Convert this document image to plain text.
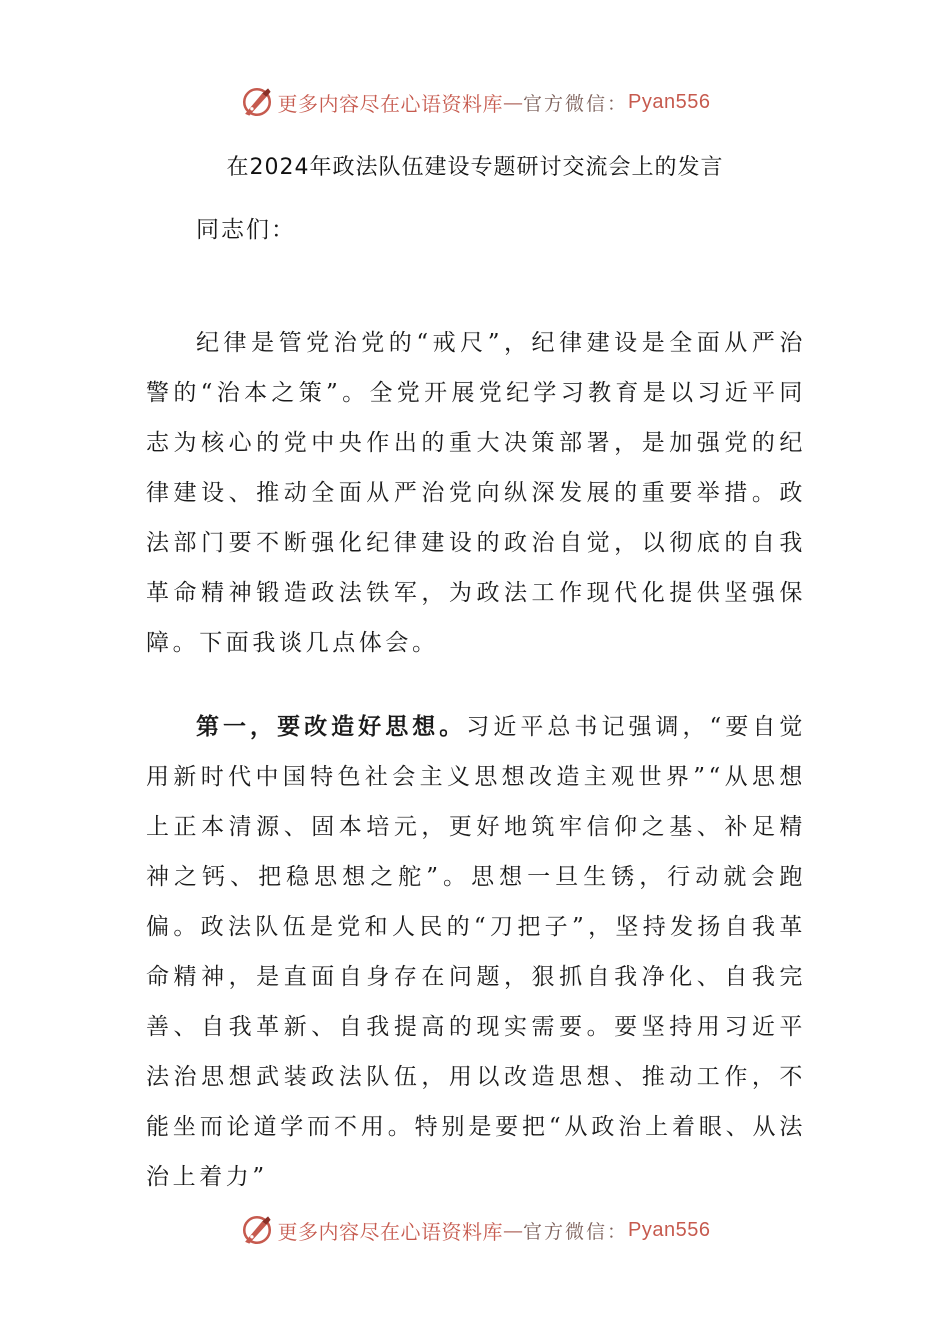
更多内容尽在心语资料库 — 官方微信： Pyan556
在2024年政法队伍建设专题研讨交流会上的发言
同志们：

纪律是管党治党的“戒尺”，纪律建设是全面从严治警的“治本之策”。全党开展党纪学习教育是以习近平同志为核心的党中央作出的重大决策部署，是加强党的纪律建设、推动全面从严治党向纵深发展的重要举措。政法部门要不断强化纪律建设的政治自觉，以彻底的自我革命精神锻造政法铁军，为政法工作现代化提供坚强保障。下面我谈几点体会。

第一，要改造好思想。习近平总书记强调，“要自觉用新时代中国特色社会主义思想改造主观世界”“从思想上正本清源、固本培元，更好地筑牢信仰之基、补足精神之钙、把稳思想之舵”。思想一旦生锈，行动就会跑偏。政法队伍是党和人民的“刀把子”，坚持发扬自我革命精神，是直面自身存在问题，狠抓自我净化、自我完善、自我革新、自我提高的现实需要。要坚持用习近平法治思想武装政法队伍，用以改造思想、推动工作，不能坐而论道学而不用。特别是要把“从政治上着眼、从法治上着力”

更多内容尽在心语资料库 — 官方微信： Pyan556
